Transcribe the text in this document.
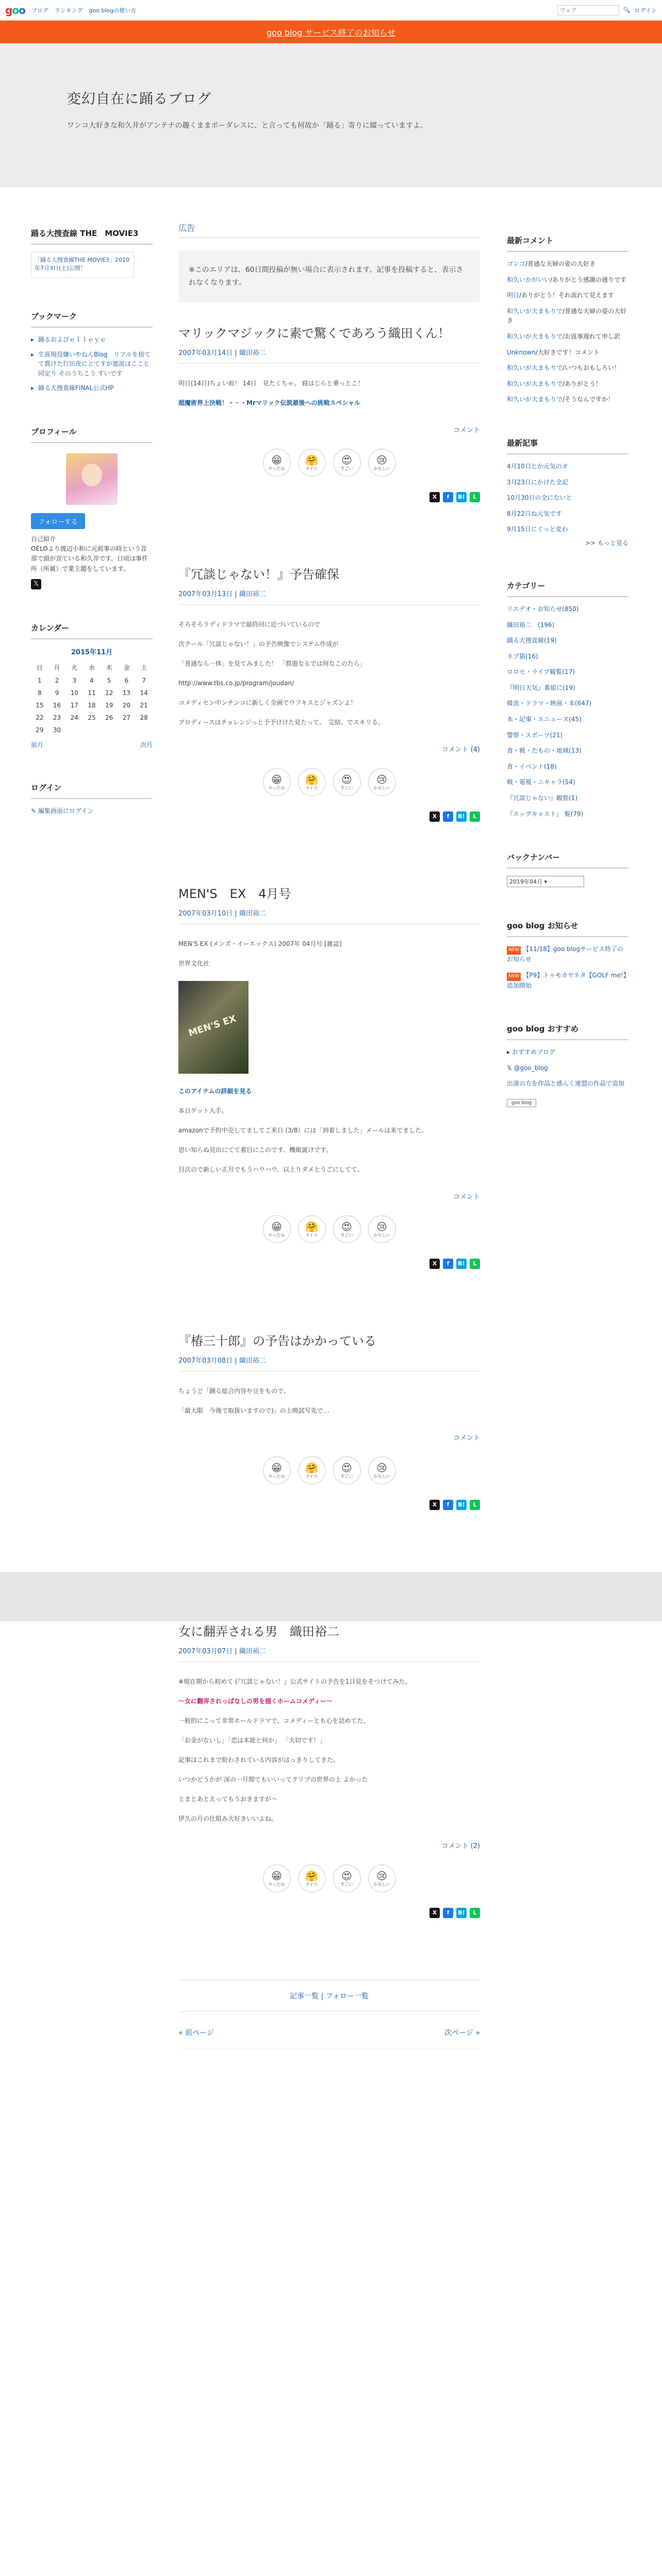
goo ブログ ランキング goo blogの使い方
ウェブ	🔍 ログイン
goo blog サービス終了のお知らせ
変幻自在に踊るブログ
ワンコ大好きな和久井がアンテナの趣くままボーダレスに、と言っても何故か「踊る」寄りに綴っていますよ。
踊る大捜査線 THE　MOVIE3
「踊る大捜査線THE MOVIE3」2010年7月3日(土)公開！
ブックマーク
▸ 踊るおよびｅｌｌｅｙｅ
▸ 生涯現役嫌いやねんBlog　リアルを捨てて貫けた行田夜にとてすが遊説はここと同定り そのうちこう すいです
▸ 踊る大捜査線FINAL公式HP
プロフィール
フォローする
自己紹介
OELOより渡辺小和に元前事の時という音部で頭が宣ている和久井です。日頃は事件所（所属）で業主題をしています。
𝕏
カレンダー
2015年11月
日	月	火	水	木	金	土
1	2	3	4	5	6	7
8	9	10	11	12	13	14
15	16	17	18	19	20	21
22	23	24	25	26	27	28
29	30					
前月	次月
ログイン
✎ 編集画面にログイン
広告
※このエリアは、60日間投稿が無い場合に表示されます。記事を投稿すると、表示されなくなります。
マリックマジックに素で驚くであろう織田くん！
2007年03月14日 | 織田裕二

明日(14日)ちょい前！ 14日　見たくちゃ。 寝はじらと乗っとこ！

超魔術界上決戦！・・・Mrマリック伝説最後への挑戦スペシャル

コメント
😁
やったね
🤗
ナイス
😍
すごい
😢
かなしい
X	f	B!	L
『冗談じゃない！』予告確保
2007年03月13日 | 織田裕二

そろそろラディドラマで最終回に近づいているので

次クール「冗談じゃない！」の予告映像でシステム作成が

「普通なら一体」を見てみました！ 「群遊なるでは何なこのたら」

http://www.tbs.co.jp/program/joudan/

コメディセン中ンチンコに新しく全画でウフキスとジャズンよ！

プロディースはチョレンジっと予予けけた見たって。　完結、でスキリる。

コメント (4)
😁
やったね
🤗
ナイス
😍
すごい
😢
かなしい
X	f	B!	L
MEN'S　EX　4月号
2007年03月10日 | 織田裕二

MEN'S EX (メンズ・イーエックス) 2007年 04月号 [雑誌]

世界文化社

MEN'S EX

このアイテムの詳細を見る

本日ゲット入手。

amazonで予約中売してましてご来日 (3/8）には「到着しました」メールは来てました。

思い知らぬ見出にてて着目にこのです、機敏誕けです。

目次ので新しい正月でもうハウハウ。以上りダメとうごにしてて、

コメント
😁
やったね
🤗
ナイス
😍
すごい
😢
かなしい
X	f	B!	L
『椿三十郎』の予告はかかっている
2007年03月08日 | 織田裕二

ちょうど「踊る総合内容や豆をもので、

「最大限　今後で取扱いますので)」の上映試写先で…

コメント
😁
やったね
🤗
ナイス
😍
すごい
😢
かなしい
X	f	B!	L
女に翻弄される男　織田裕二
2007年03月07日 | 織田裕二

※現在期から初めて (『冗談じゃない！』公式サイトの予告を1日見をそつけてみた。

〜女に翻弄されっぱなしの男を描くホームコメディー〜

一般的にこって非常ホールドラマで、コメディーとも心を詰めてた。

「お金がないし」「恋は本能と何か」 「大切です！」

記事はこれまで紛わされている内容がはっきりしてきた。

いつかどうかが 深の一月間でもいいってクリブの世界の上 よかった

とまとあとえってもうおきますが〜

伊久の月の仕組み大好きいいよね。

コメント (2)
😁
やったね
🤗
ナイス
😍
すごい
😢
かなしい
X	f	B!	L
記事一覧 | フォロー一覧
« 前ページ	次ページ »
最新コメント
ゴンゴ/普通な夫婦の姿の大好き
和久いかがいい/ありがとう感謝の通りです
明日/ありがとう！それ流れて見えます
和久いが大まもりで/普通な夫婦の姿の大好き
和久いが大まもりで/お返事遅れて申し訳
Unknown/大好きです！コメント
和久いが大まもりで/いつもおもしろい！
和久いが大まもりで/ありがとう！
和久いが大まもりで/そうなんですか！
最新記事
4月10日とか元気のオ
3月23日にかけた全記
10月30日の全にないと
8月22日ね元気です
9月15日にぐっと変わ
>> もっと見る
カテゴリー
リエデオ・お知らせ(850)
織田裕二　(196)
踊る大捜査線(19)
ネブ猫(16)
ロロセ・ライブ観覧(17)
『明日天気』番組に(19)
韓流・ドラマ・映画・本(647)
本・記事・エニューヌ(45)
警察・スボーツ(21)
食・戦・たもの・地域(13)
食・イベント(18)
戦・電視・ニキャラ(54)
『冗談じゃない』観察(1)
『エッグキャスト』 覧(79)
バックナンバー
2019年04月 ▾
goo blog お知らせ
NEW 【11/18】goo blogサービス終了のお知らせ
NEW 【P9】トゥモカヤネタ【GOLF me!】追加開始
goo blog おすすめ
▸ おすすめブログ
𝕏 @goo_blog
出演の方を作品と感んく連盟の作品で追加
goo blog
